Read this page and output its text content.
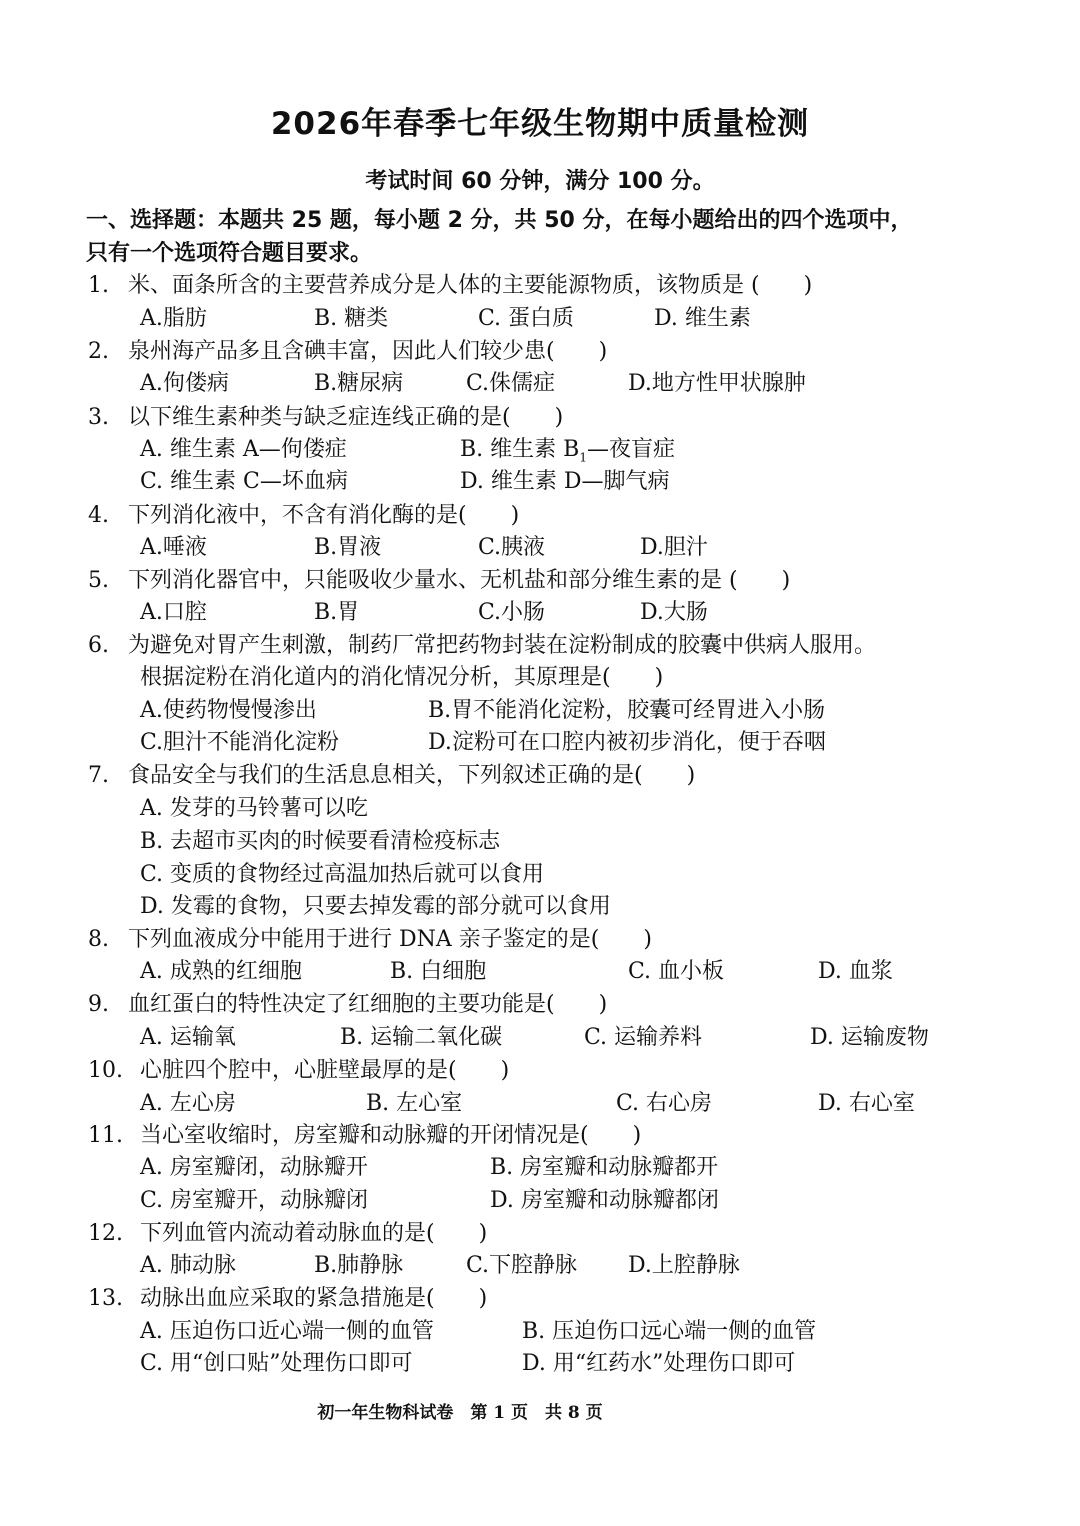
2026年春季七年级生物期中质量检测
考试时间 60 分钟，满分 100 分。
一、选择题：本题共 25 题，每小题 2 分，共 50 分，在每小题给出的四个选项中，
只有一个选项符合题目要求。
1. 米、面条所含的主要营养成分是人体的主要能源物质，该物质是 (　　)
A.脂肪	B. 糖类	C. 蛋白质	D. 维生素
2. 泉州海产品多且含碘丰富，因此人们较少患(　　)
A.佝偻病	B.糖尿病	C.侏儒症	D.地方性甲状腺肿
3. 以下维生素种类与缺乏症连线正确的是(　　)
A. 维生素 A—佝偻症	B. 维生素 $B_1—$夜盲症
C. 维生素 C—坏血病	D. 维生素 D—脚气病
4. 下列消化液中，不含有消化酶的是(　　)
A.唾液	B.胃液	C.胰液	D.胆汁
5. 下列消化器官中，只能吸收少量水、无机盐和部分维生素的是 (　　)
A.口腔	B.胃	C.小肠	D.大肠
6. 为避免对胃产生刺激，制药厂常把药物封装在淀粉制成的胶囊中供病人服用。
根据淀粉在消化道内的消化情况分析，其原理是(　　)
A.使药物慢慢渗出	B.胃不能消化淀粉，胶囊可经胃进入小肠
C.胆汁不能消化淀粉	D.淀粉可在口腔内被初步消化，便于吞咽
7. 食品安全与我们的生活息息相关，下列叙述正确的是(　　)
A. 发芽的马铃薯可以吃
B. 去超市买肉的时候要看清检疫标志
C. 变质的食物经过高温加热后就可以食用
D. 发霉的食物，只要去掉发霉的部分就可以食用
8. 下列血液成分中能用于进行 DNA 亲子鉴定的是(　　)
A. 成熟的红细胞	B. 白细胞	C. 血小板	D. 血浆
9. 血红蛋白的特性决定了红细胞的主要功能是(　　)
A. 运输氧	B. 运输二氧化碳	C. 运输养料	D. 运输废物
10. 心脏四个腔中，心脏壁最厚的是(　　)
A. 左心房	B. 左心室	C. 右心房	D. 右心室
11. 当心室收缩时，房室瓣和动脉瓣的开闭情况是(　　)
A. 房室瓣闭，动脉瓣开	B. 房室瓣和动脉瓣都开
C. 房室瓣开，动脉瓣闭	D. 房室瓣和动脉瓣都闭
12. 下列血管内流动着动脉血的是(　　)
A. 肺动脉	B.肺静脉	C.下腔静脉 D.上腔静脉
13. 动脉出血应采取的紧急措施是(　　)
A. 压迫伤口近心端一侧的血管	B. 压迫伤口远心端一侧的血管
C. 用“创口贴”处理伤口即可	D. 用“红药水”处理伤口即可
初一年生物科试卷　第 1 页　共 8 页
